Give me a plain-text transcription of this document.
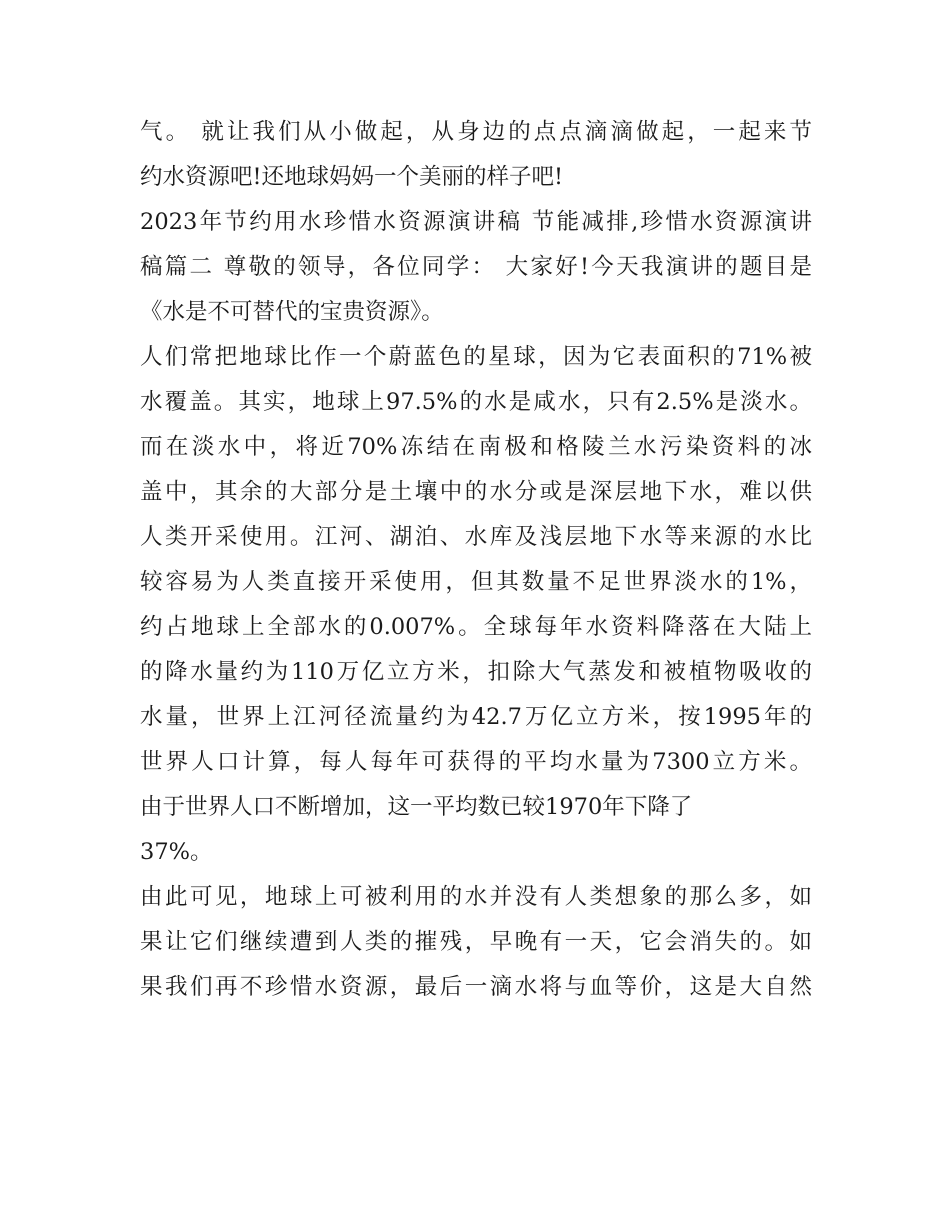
气。 就让我们从小做起，从身边的点点滴滴做起，一起来节
约水资源吧!还地球妈妈一个美丽的样子吧!
2023年节约用水珍惜水资源演讲稿 节能减排,珍惜水资源演讲
稿篇二 尊敬的领导，各位同学： 大家好!今天我演讲的题目是
《水是不可替代的宝贵资源》。
人们常把地球比作一个蔚蓝色的星球，因为它表面积的71%被
水覆盖。其实，地球上97.5%的水是咸水，只有2.5%是淡水。
而在淡水中，将近70%冻结在南极和格陵兰水污染资料的冰
盖中，其余的大部分是土壤中的水分或是深层地下水，难以供
人类开采使用。江河、湖泊、水库及浅层地下水等来源的水比
较容易为人类直接开采使用，但其数量不足世界淡水的1%，
约占地球上全部水的0.007%。全球每年水资料降落在大陆上
的降水量约为110万亿立方米，扣除大气蒸发和被植物吸收的
水量，世界上江河径流量约为42.7万亿立方米，按1995年的
世界人口计算，每人每年可获得的平均水量为7300立方米。
由于世界人口不断增加，这一平均数已较1970年下降了
37%。
由此可见，地球上可被利用的水并没有人类想象的那么多，如
果让它们继续遭到人类的摧残，早晚有一天，它会消失的。如
果我们再不珍惜水资源，最后一滴水将与血等价，这是大自然
